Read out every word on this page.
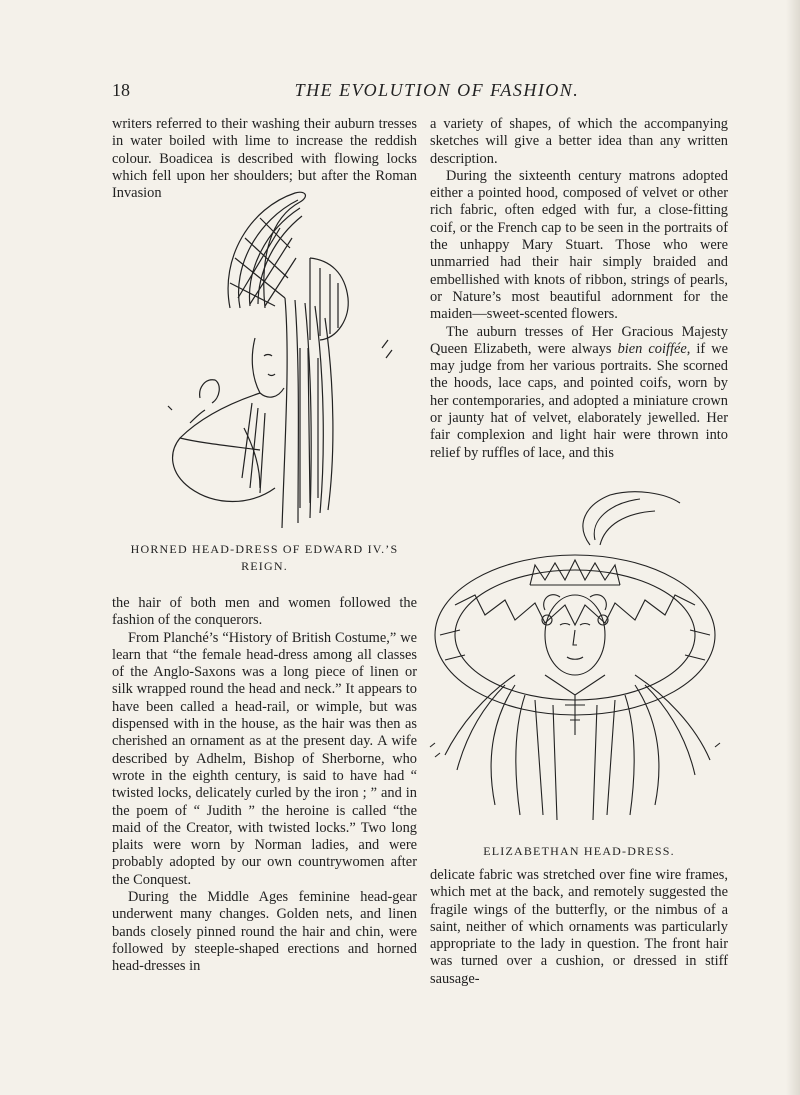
18	THE EVOLUTION OF FASHION.

writers referred to their washing their auburn tresses in water boiled with lime to increase the reddish colour. Boadicea is described with flowing locks which fell upon her shoulders; but after the Roman Invasion

HORNED HEAD-DRESS OF EDWARD IV.’S REIGN.

the hair of both men and women followed the fashion of the conquerors.

From Planché’s “History of British Costume,” we learn that “the female head-dress among all classes of the Anglo-Saxons was a long piece of linen or silk wrapped round the head and neck.” It appears to have been called a head-rail, or wimple, but was dispensed with in the house, as the hair was then as cherished an ornament as at the present day. A wife described by Adhelm, Bishop of Sherborne, who wrote in the eighth century, is said to have had “ twisted locks, delicately curled by the iron ; ” and in the poem of “ Judith ” the heroine is called “the maid of the Creator, with twisted locks.” Two long plaits were worn by Norman ladies, and were probably adopted by our own countrywomen after the Conquest.

During the Middle Ages feminine head-gear underwent many changes. Golden nets, and linen bands closely pinned round the hair and chin, were followed by steeple-shaped erections and horned head-dresses in

a variety of shapes, of which the accompanying sketches will give a better idea than any written description.

During the sixteenth century matrons adopted either a pointed hood, composed of velvet or other rich fabric, often edged with fur, a close-fitting coif, or the French cap to be seen in the portraits of the unhappy Mary Stuart. Those who were unmarried had their hair simply braided and embellished with knots of ribbon, strings of pearls, or Nature’s most beautiful adornment for the maiden—sweet-scented flowers.

The auburn tresses of Her Gracious Majesty Queen Elizabeth, were always bien coiffée, if we may judge from her various portraits. She scorned the hoods, lace caps, and pointed coifs, worn by her contemporaries, and adopted a miniature crown or jaunty hat of velvet, elaborately jewelled. Her fair complexion and light hair were thrown into relief by ruffles of lace, and this

ELIZABETHAN HEAD-DRESS.

delicate fabric was stretched over fine wire frames, which met at the back, and remotely suggested the fragile wings of the butterfly, or the nimbus of a saint, neither of which ornaments was particularly appropriate to the lady in question. The front hair was turned over a cushion, or dressed in stiff sausage-
